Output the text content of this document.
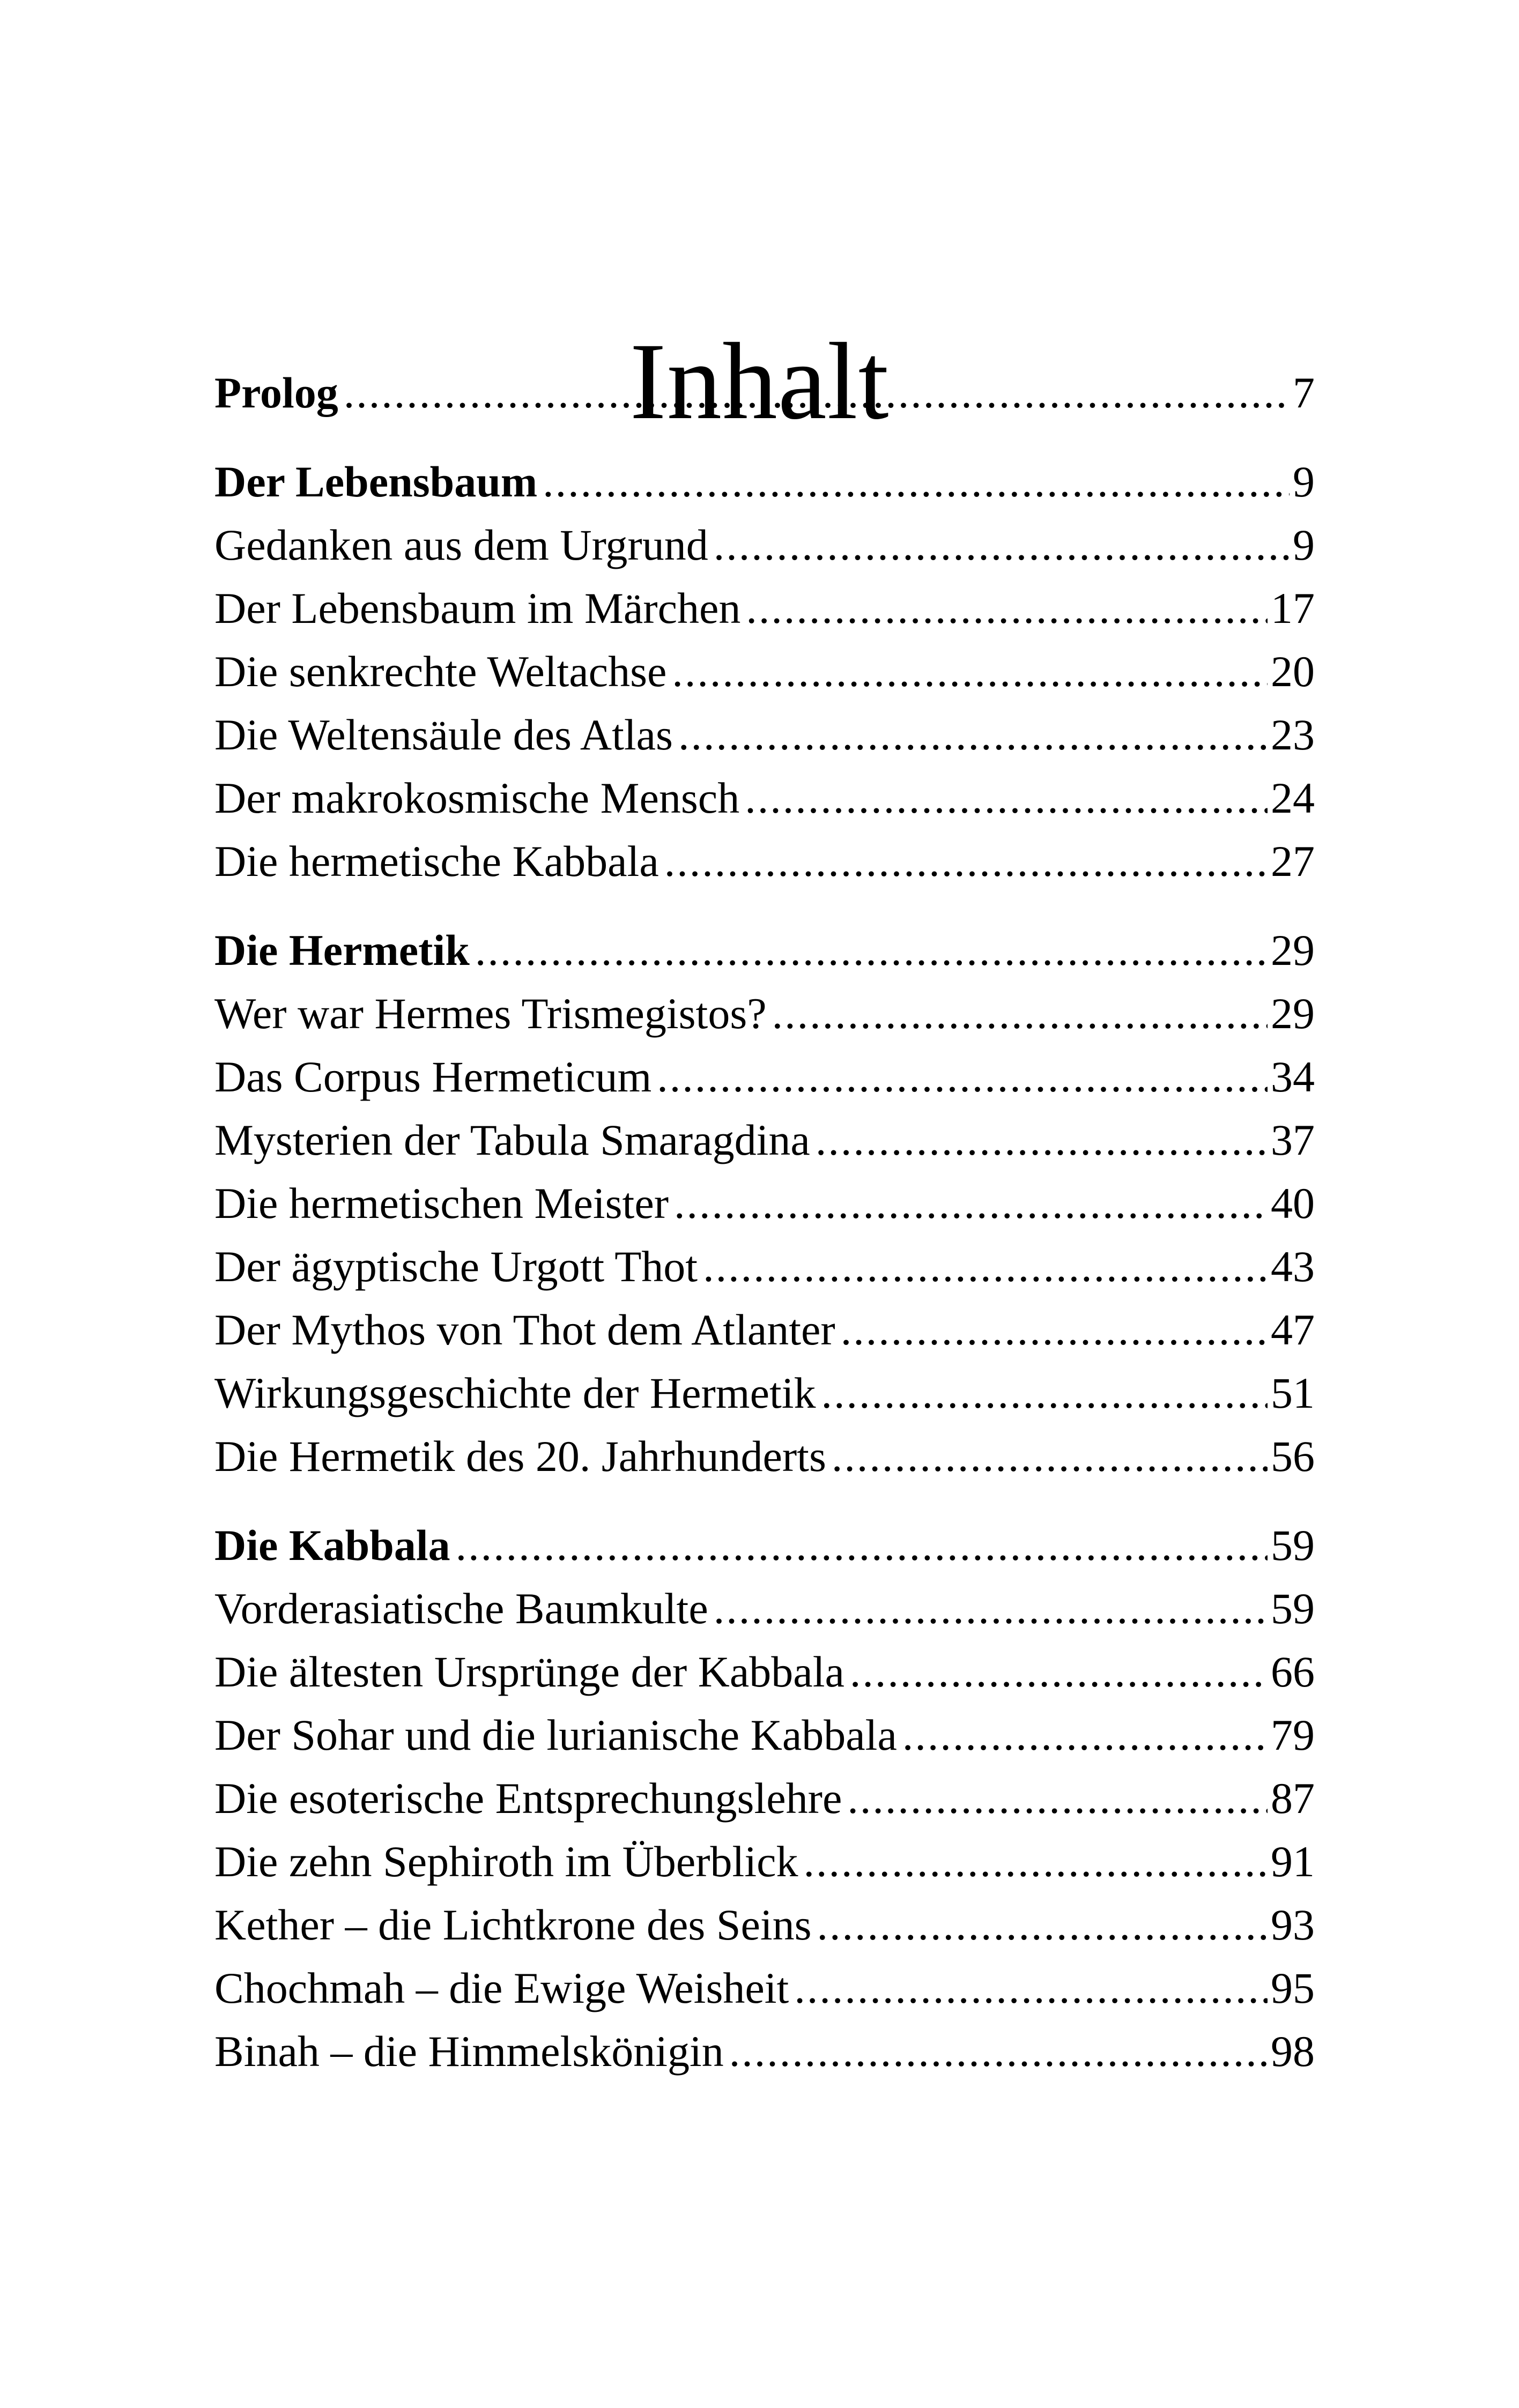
Inhalt
Prolog .....	7
Der Lebensbaum .....	9
Gedanken aus dem Urgrund .....	9
Der Lebensbaum im Märchen .....	17
Die senkrechte Weltachse .....	20
Die Weltensäule des Atlas .....	23
Der makrokosmische Mensch .....	24
Die hermetische Kabbala .....	27
Die Hermetik .....	29
Wer war Hermes Trismegistos? .....	29
Das Corpus Hermeticum .....	34
Mysterien der Tabula Smaragdina .....	37
Die hermetischen Meister .....	40
Der ägyptische Urgott Thot .....	43
Der Mythos von Thot dem Atlanter .....	47
Wirkungsgeschichte der Hermetik .....	51
Die Hermetik des 20. Jahrhunderts .....	56
Die Kabbala .....	59
Vorderasiatische Baumkulte .....	59
Die ältesten Ursprünge der Kabbala .....	66
Der Sohar und die lurianische Kabbala .....	79
Die esoterische Entsprechungslehre .....	87
Die zehn Sephiroth im Überblick .....	91
Kether – die Lichtkrone des Seins .....	93
Chochmah – die Ewige Weisheit .....	95
Binah – die Himmelskönigin .....	98
